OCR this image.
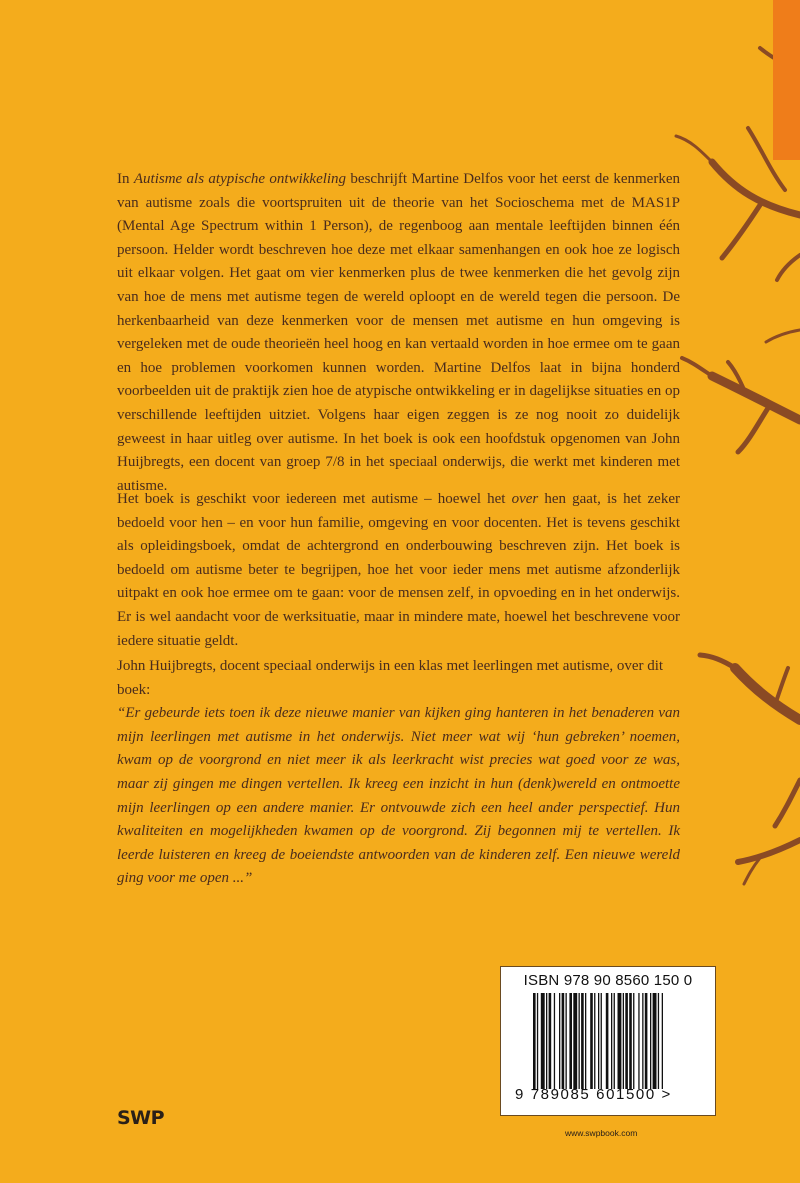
In Autisme als atypische ontwikkeling beschrijft Martine Delfos voor het eerst de kenmerken van autisme zoals die voortspruiten uit de theorie van het Socioschema met de MAS1P (Mental Age Spectrum within 1 Person), de regenboog aan mentale leeftijden binnen één persoon. Helder wordt beschreven hoe deze met elkaar samenhangen en ook hoe ze logisch uit elkaar volgen. Het gaat om vier kenmerken plus de twee kenmerken die het gevolg zijn van hoe de mens met autisme tegen de wereld oploopt en de wereld tegen die persoon. De herkenbaarheid van deze kenmerken voor de mensen met autisme en hun omgeving is vergeleken met de oude theorieën heel hoog en kan vertaald worden in hoe ermee om te gaan en hoe problemen voorkomen kunnen worden. Martine Delfos laat in bijna honderd voorbeelden uit de praktijk zien hoe de atypische ontwikkeling er in dagelijkse situaties en op verschillende leeftijden uitziet. Volgens haar eigen zeggen is ze nog nooit zo duidelijk geweest in haar uitleg over autisme. In het boek is ook een hoofdstuk opgenomen van John Huijbregts, een docent van groep 7/8 in het speciaal onderwijs, die werkt met kinderen met autisme.

Het boek is geschikt voor iedereen met autisme – hoewel het over hen gaat, is het zeker bedoeld voor hen – en voor hun familie, omgeving en voor docenten. Het is tevens geschikt als opleidingsboek, omdat de achtergrond en onderbouwing beschreven zijn. Het boek is bedoeld om autisme beter te begrijpen, hoe het voor ieder mens met autisme afzonderlijk uitpakt en ook hoe ermee om te gaan: voor de mensen zelf, in opvoeding en in het onderwijs. Er is wel aandacht voor de werksituatie, maar in mindere mate, hoewel het beschrevene voor iedere situatie geldt.

John Huijbregts, docent speciaal onderwijs in een klas met leerlingen met autisme, over dit boek:

“Er gebeurde iets toen ik deze nieuwe manier van kijken ging hanteren in het benaderen van mijn leerlingen met autisme in het onderwijs. Niet meer wat wij ‘hun gebreken’ noemen, kwam op de voorgrond en niet meer ik als leerkracht wist precies wat goed voor ze was, maar zij gingen me dingen vertellen. Ik kreeg een inzicht in hun (denk)wereld en ontmoette mijn leerlingen op een andere manier. Er ontvouwde zich een heel ander perspectief. Hun kwaliteiten en mogelijkheden kwamen op de voorgrond. Zij begonnen mij te vertellen. Ik leerde luisteren en kreeg de boeiendste antwoorden van de kinderen zelf. Een nieuwe wereld ging voor me open ...”

ISBN 978 90 8560 150 0
9 789085 601500 >
SWP
www.swpbook.com
